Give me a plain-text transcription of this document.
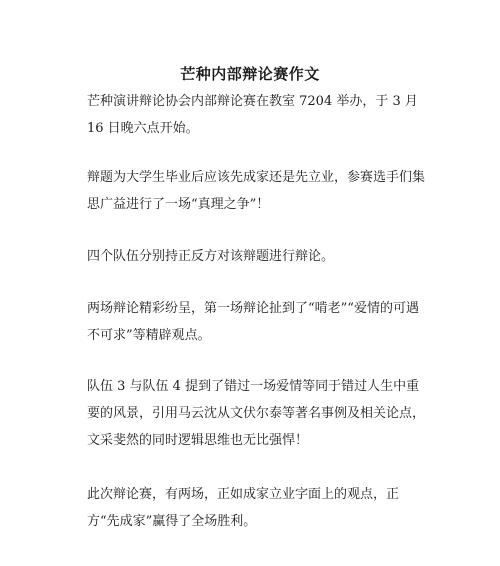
芒种内部辩论赛作文

芒种演讲辩论协会内部辩论赛在教室 7204 举办，于 3 月 16 日晚六点开始。

辩题为大学生毕业后应该先成家还是先立业，参赛选手们集思广益进行了一场“真理之争”！

四个队伍分别持正反方对该辩题进行辩论。

两场辩论精彩纷呈，第一场辩论扯到了“啃老”“爱情的可遇不可求”等精辟观点。

队伍 3 与队伍 4 提到了错过一场爱情等同于错过人生中重要的风景，引用马云沈从文伏尔泰等著名事例及相关论点，文采斐然的同时逻辑思维也无比强悍！

此次辩论赛，有两场，正如成家立业字面上的观点，正方“先成家”赢得了全场胜利。
